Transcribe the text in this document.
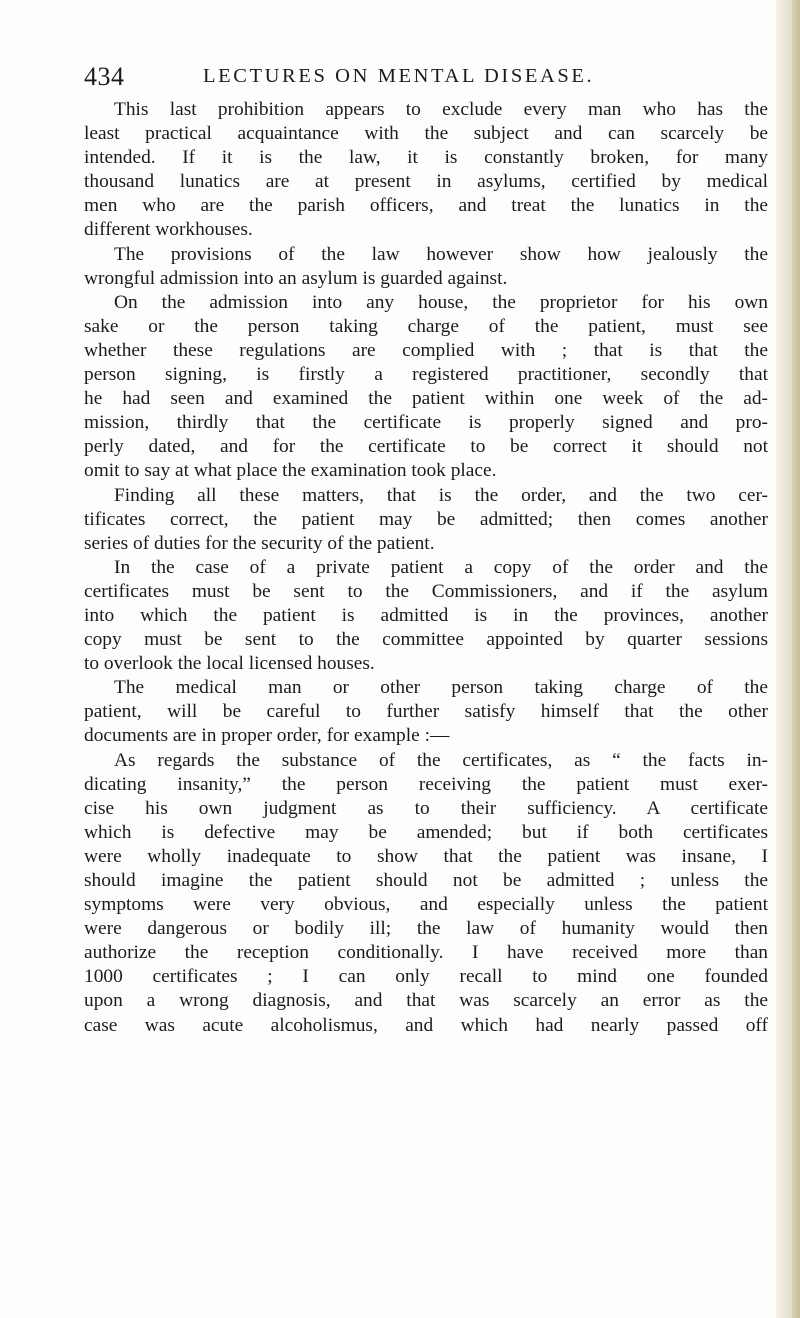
434	LECTURES ON MENTAL DISEASE.
This last prohibition appears to exclude every man who has the
least practical acquaintance with the subject and can scarcely be
intended. If it is the law, it is constantly broken, for many
thousand lunatics are at present in asylums, certified by medical
men who are the parish officers, and treat the lunatics in the
different workhouses.
The provisions of the law however show how jealously the
wrongful admission into an asylum is guarded against.
On the admission into any house, the proprietor for his own
sake or the person taking charge of the patient, must see
whether these regulations are complied with ; that is that the
person signing, is firstly a registered practitioner, secondly that
he had seen and examined the patient within one week of the ad-
mission, thirdly that the certificate is properly signed and pro-
perly dated, and for the certificate to be correct it should not
omit to say at what place the examination took place.
Finding all these matters, that is the order, and the two cer-
tificates correct, the patient may be admitted; then comes another
series of duties for the security of the patient.
In the case of a private patient a copy of the order and the
certificates must be sent to the Commissioners, and if the asylum
into which the patient is admitted is in the provinces, another
copy must be sent to the committee appointed by quarter sessions
to overlook the local licensed houses.
The medical man or other person taking charge of the
patient, will be careful to further satisfy himself that the other
documents are in proper order, for example :—
As regards the substance of the certificates, as “ the facts in-
dicating insanity,” the person receiving the patient must exer-
cise his own judgment as to their sufficiency. A certificate
which is defective may be amended; but if both certificates
were wholly inadequate to show that the patient was insane, I
should imagine the patient should not be admitted ; unless the
symptoms were very obvious, and especially unless the patient
were dangerous or bodily ill; the law of humanity would then
authorize the reception conditionally. I have received more than
1000 certificates ; I can only recall to mind one founded
upon a wrong diagnosis, and that was scarcely an error as the
case was acute alcoholismus, and which had nearly passed off
